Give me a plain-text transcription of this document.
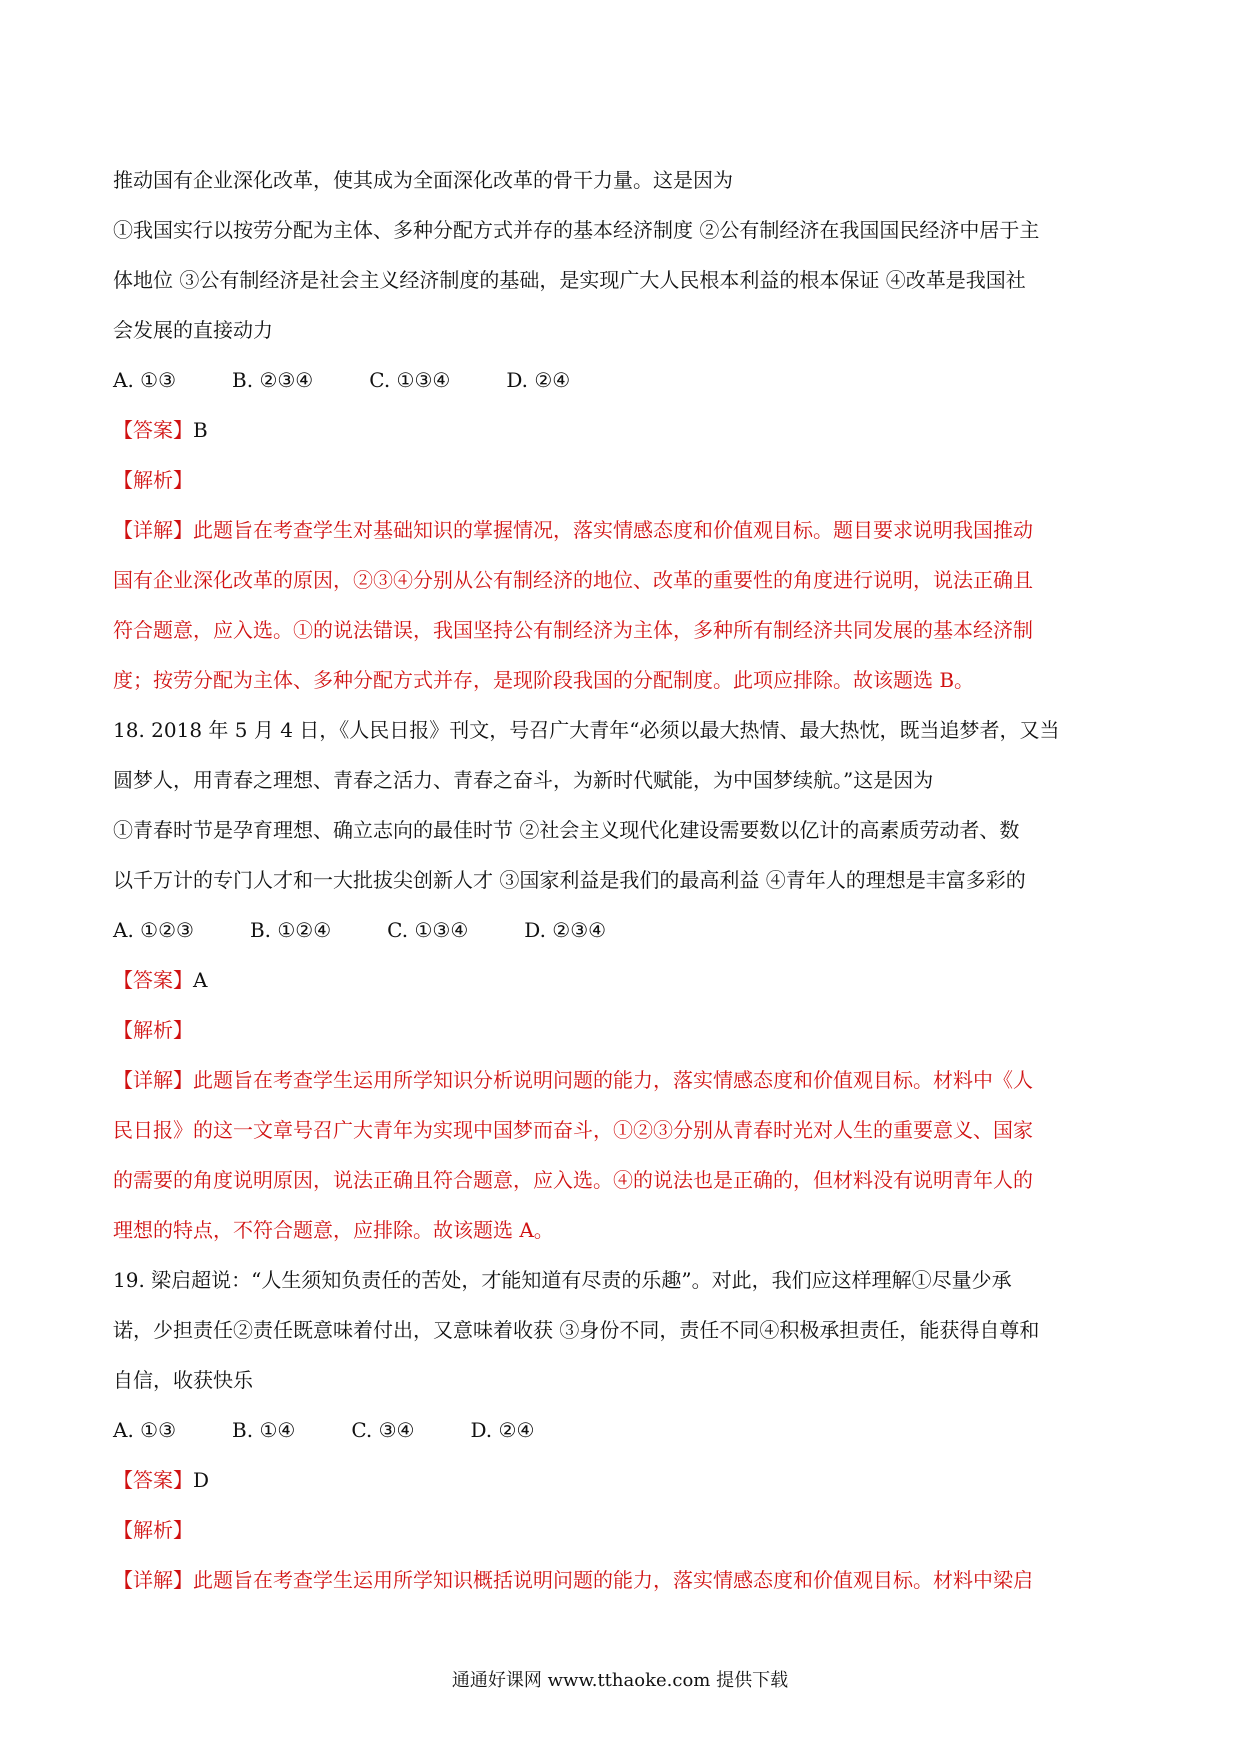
推动国有企业深化改革，使其成为全面深化改革的骨干力量。这是因为

①我国实行以按劳分配为主体、多种分配方式并存的基本经济制度 ②公有制经济在我国国民经济中居于主

体地位 ③公有制经济是社会主义经济制度的基础，是实现广大人民根本利益的根本保证 ④改革是我国社

会发展的直接动力

A. ①③	B. ②③④	C. ①③④	D. ②④

【答案】B

【解析】

【详解】此题旨在考查学生对基础知识的掌握情况，落实情感态度和价值观目标。题目要求说明我国推动

国有企业深化改革的原因，②③④分别从公有制经济的地位、改革的重要性的角度进行说明，说法正确且

符合题意，应入选。①的说法错误，我国坚持公有制经济为主体，多种所有制经济共同发展的基本经济制

度；按劳分配为主体、多种分配方式并存，是现阶段我国的分配制度。此项应排除。故该题选 B。

18. 2018 年 5 月 4 日，《人民日报》刊文，号召广大青年“必须以最大热情、最大热忱，既当追梦者，又当

圆梦人，用青春之理想、青春之活力、青春之奋斗，为新时代赋能，为中国梦续航。”这是因为

①青春时节是孕育理想、确立志向的最佳时节 ②社会主义现代化建设需要数以亿计的高素质劳动者、数

以千万计的专门人才和一大批拔尖创新人才 ③国家利益是我们的最高利益 ④青年人的理想是丰富多彩的

A. ①②③	B. ①②④	C. ①③④	D. ②③④

【答案】A

【解析】

【详解】此题旨在考查学生运用所学知识分析说明问题的能力，落实情感态度和价值观目标。材料中《人

民日报》的这一文章号召广大青年为实现中国梦而奋斗，①②③分别从青春时光对人生的重要意义、国家

的需要的角度说明原因，说法正确且符合题意，应入选。④的说法也是正确的，但材料没有说明青年人的

理想的特点，不符合题意，应排除。故该题选 A。

19. 梁启超说：“人生须知负责任的苦处，才能知道有尽责的乐趣”。对此，我们应这样理解①尽量少承

诺，少担责任②责任既意味着付出，又意味着收获 ③身份不同，责任不同④积极承担责任，能获得自尊和

自信，收获快乐

A. ①③	B. ①④	C. ③④	D. ②④

【答案】D

【解析】

【详解】此题旨在考查学生运用所学知识概括说明问题的能力，落实情感态度和价值观目标。材料中梁启

通通好课网 www.tthaoke.com 提供下载
